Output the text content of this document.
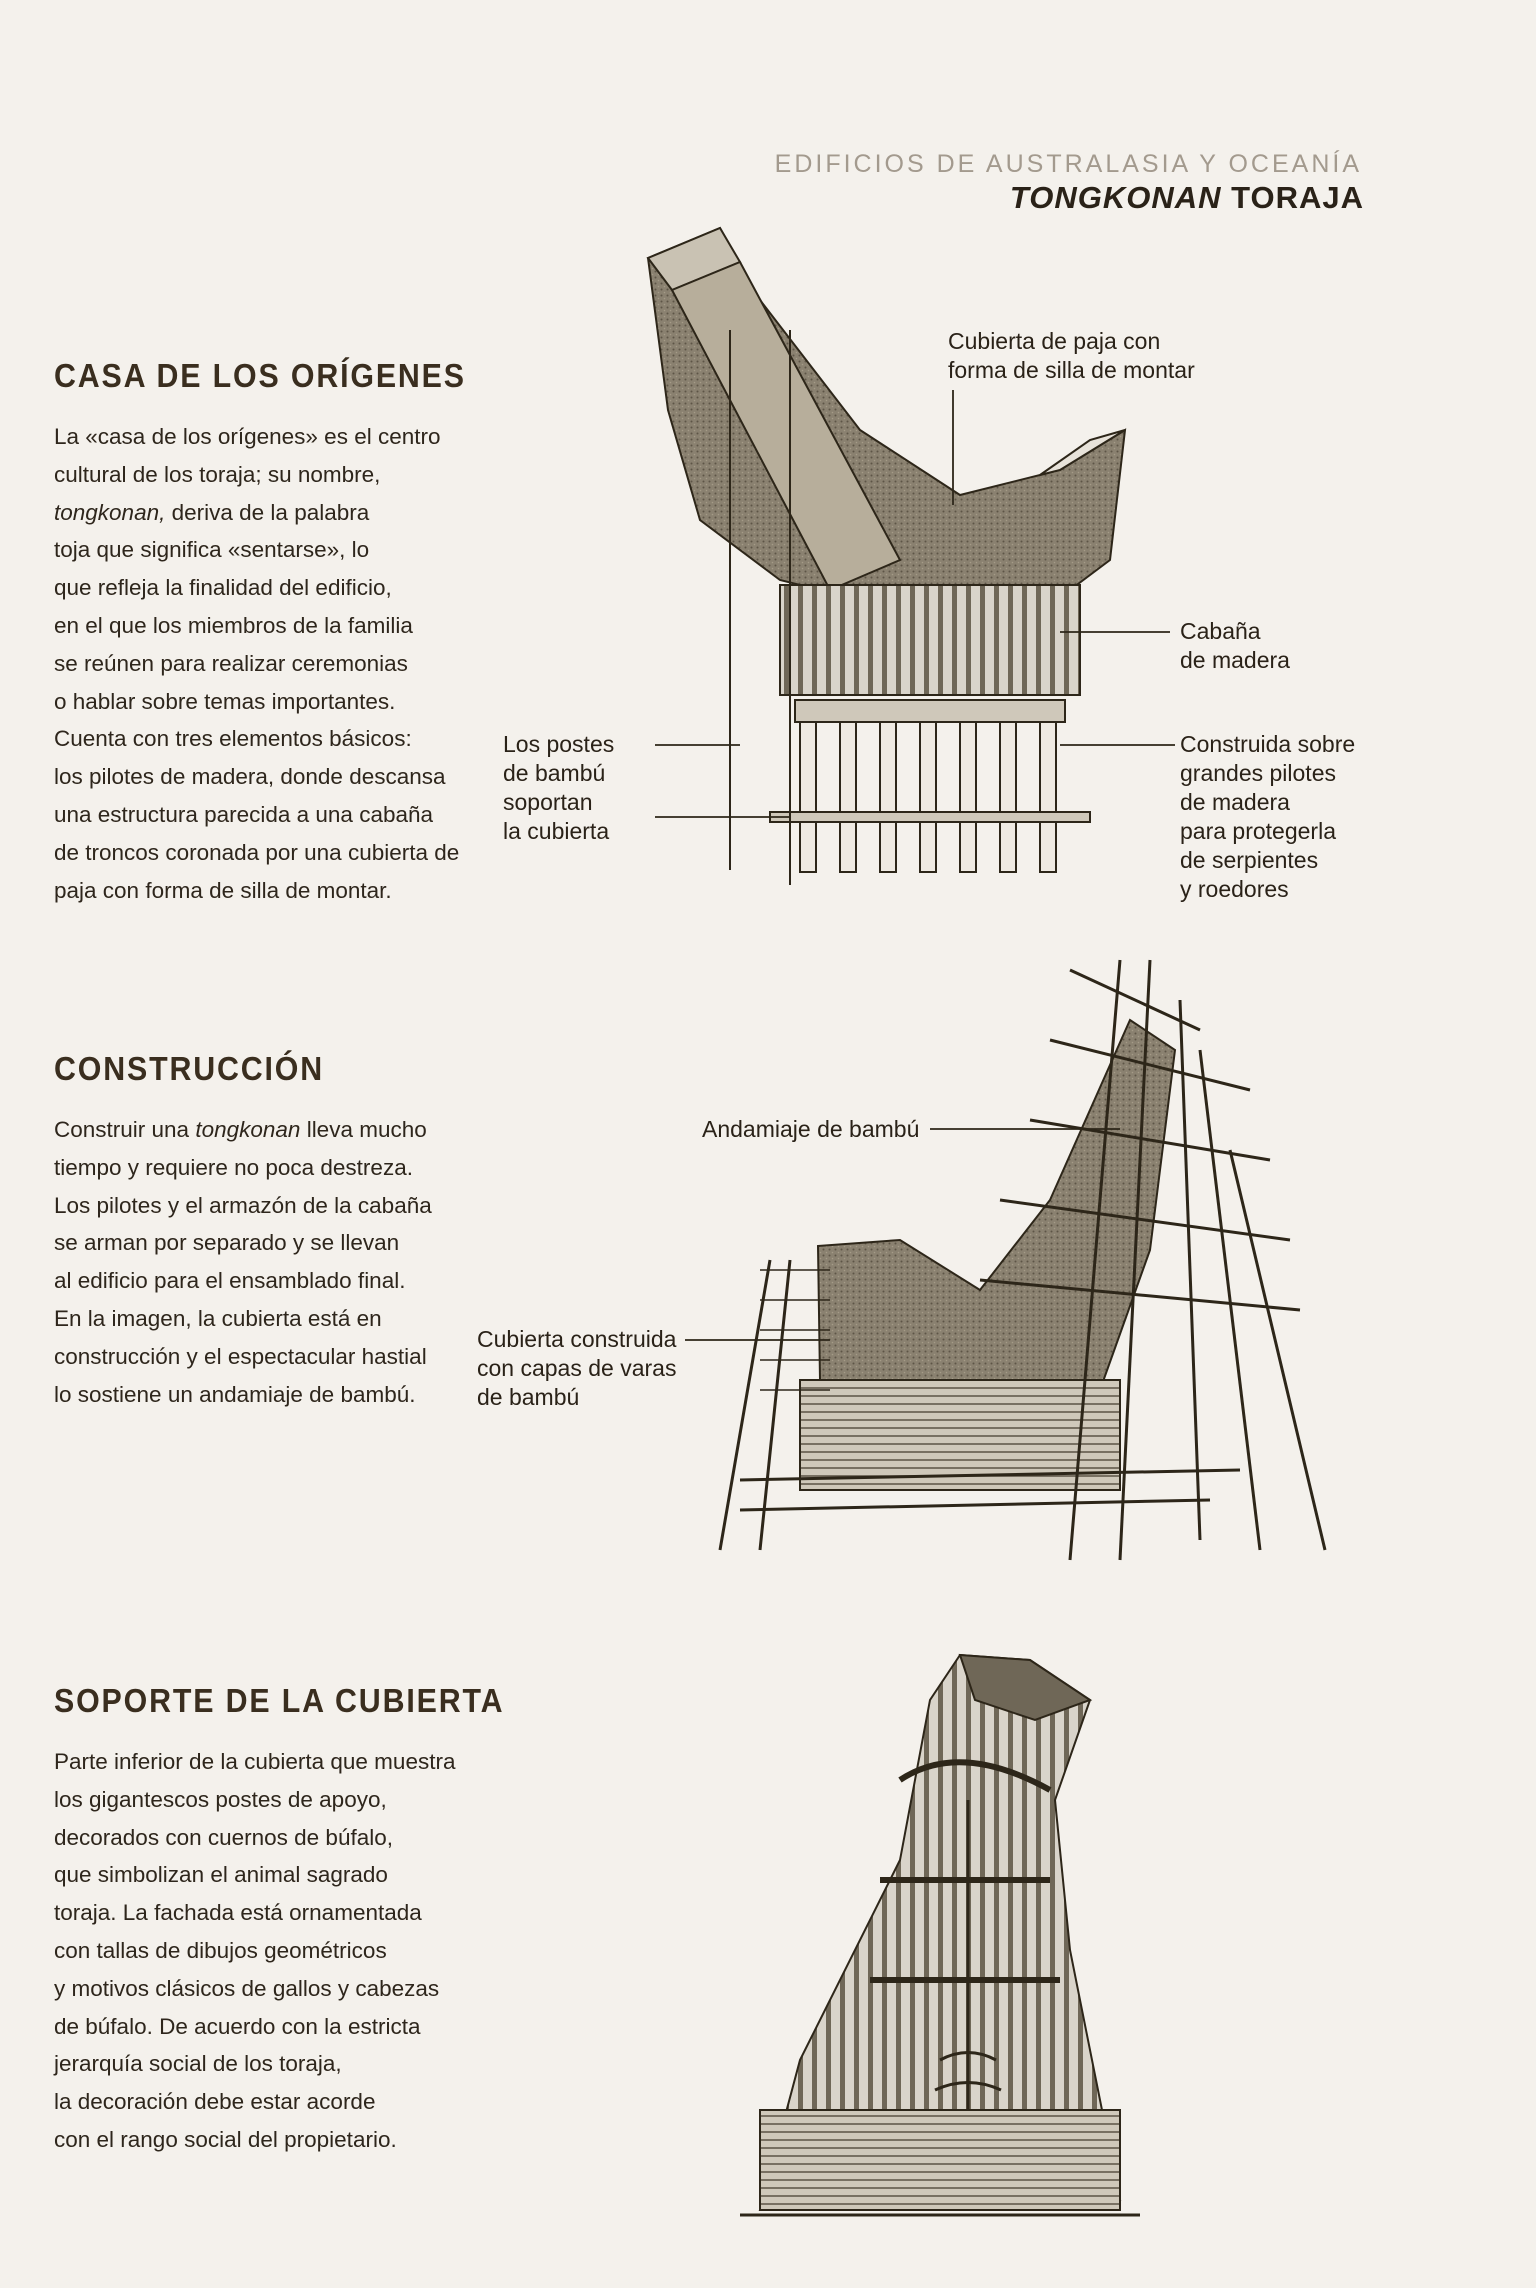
EDIFICIOS DE AUSTRALASIA Y OCEANÍA
TONGKONAN TORAJA
CASA DE LOS ORÍGENES

La «casa de los orígenes» es el centro

cultural de los toraja; su nombre,

tongkonan, deriva de la palabra

toja que significa «sentarse», lo

que refleja la finalidad del edificio,

en el que los miembros de la familia

se reúnen para realizar ceremonias

o hablar sobre temas importantes.

Cuenta con tres elementos básicos:

los pilotes de madera, donde descansa

una estructura parecida a una cabaña

de troncos coronada por una cubierta de

paja con forma de silla de montar.

CONSTRUCCIÓN

Construir una tongkonan lleva mucho

tiempo y requiere no poca destreza.

Los pilotes y el armazón de la cabaña

se arman por separado y se llevan

al edificio para el ensamblado final.

En la imagen, la cubierta está en

construcción y el espectacular hastial

lo sostiene un andamiaje de bambú.

SOPORTE DE LA CUBIERTA

Parte inferior de la cubierta que muestra

los gigantescos postes de apoyo,

decorados con cuernos de búfalo,

que simbolizan el animal sagrado

toraja. La fachada está ornamentada

con tallas de dibujos geométricos

y motivos clásicos de gallos y cabezas

de búfalo. De acuerdo con la estricta

jerarquía social de los toraja,

la decoración debe estar acorde

con el rango social del propietario.

Cubierta de paja con

forma de silla de montar

Cabaña

de madera

Los postes

de bambú

soportan

la cubierta

Construida sobre

grandes pilotes

de madera

para protegerla

de serpientes

y roedores

Andamiaje de bambú

Cubierta construida

con capas de varas

de bambú
